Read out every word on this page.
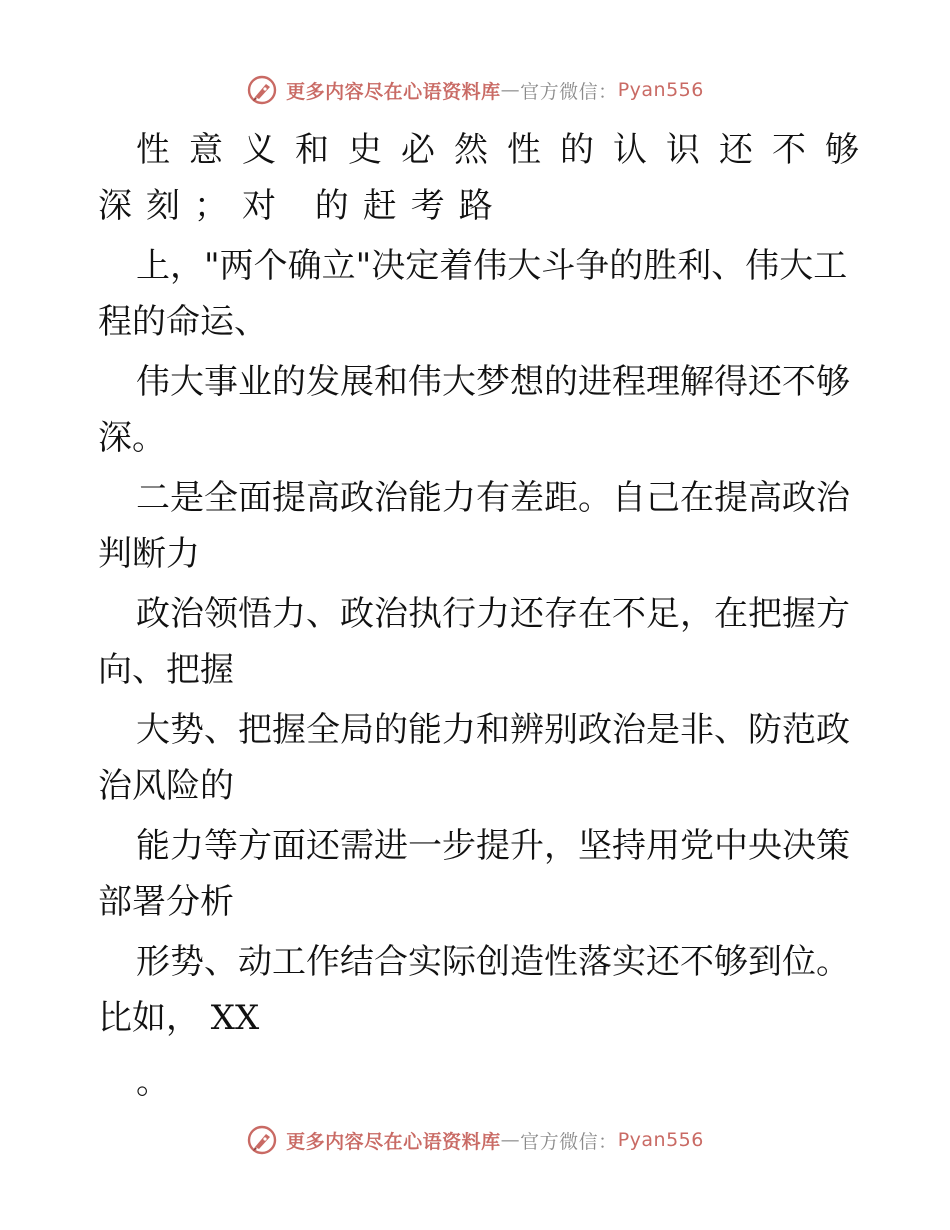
更多内容尽在心语资料库 — 官方微信： Pyan556
性意义和史必然性的认识还不够
深刻；对 的赶考路
上，"两个确立"决定着伟大斗争的胜利、伟大工
程的命运、
伟大事业的发展和伟大梦想的进程理解得还不够
深。
二是全面提高政治能力有差距。自己在提高政治
判断力
政治领悟力、政治执行力还存在不足，在把握方
向、把握
大势、把握全局的能力和辨别政治是非、防范政
治风险的
能力等方面还需进一步提升，坚持用党中央决策
部署分析
形势、动工作结合实际创造性落实还不够到位。
比如， XX
。
更多内容尽在心语资料库 — 官方微信： Pyan556
